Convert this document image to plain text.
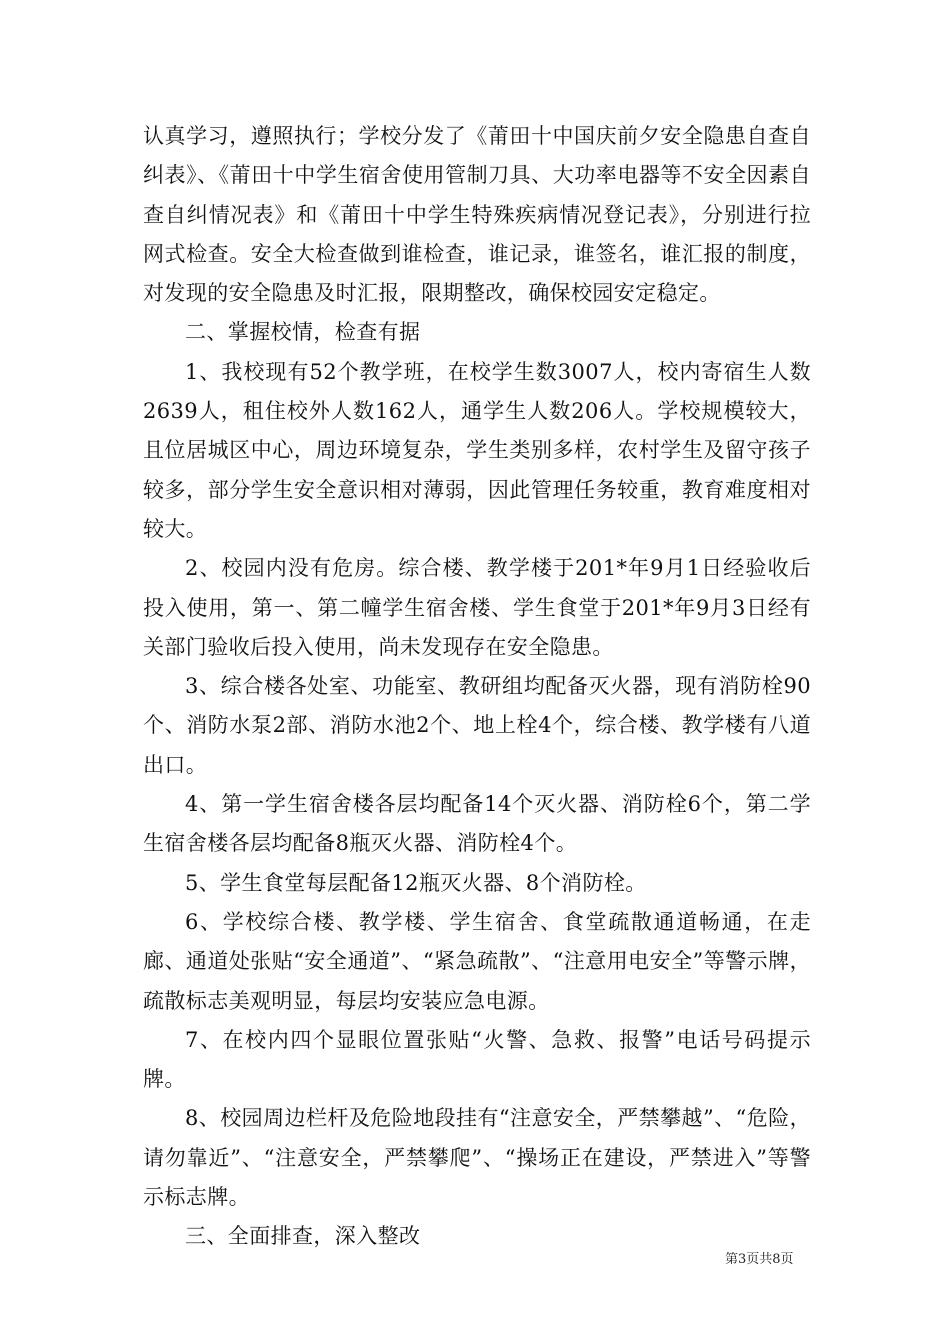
认真学习，遵照执行；学校分发了《莆田十中国庆前夕安全隐患自查自纠表》、《莆田十中学生宿舍使用管制刀具、大功率电器等不安全因素自查自纠情况表》和《莆田十中学生特殊疾病情况登记表》，分别进行拉网式检查。安全大检查做到谁检查，谁记录，谁签名，谁汇报的制度，对发现的安全隐患及时汇报，限期整改，确保校园安定稳定。

二、掌握校情，检查有据

1、我校现有52个教学班，在校学生数3007人，校内寄宿生人数2639人，租住校外人数162人，通学生人数206人。学校规模较大，且位居城区中心，周边环境复杂，学生类别多样，农村学生及留守孩子较多，部分学生安全意识相对薄弱，因此管理任务较重，教育难度相对较大。

2、校园内没有危房。综合楼、教学楼于201*年9月1日经验收后投入使用，第一、第二幢学生宿舍楼、学生食堂于201*年9月3日经有关部门验收后投入使用，尚未发现存在安全隐患。

3、综合楼各处室、功能室、教研组均配备灭火器，现有消防栓90个、消防水泵2部、消防水池2个、地上栓4个，综合楼、教学楼有八道出口。

4、第一学生宿舍楼各层均配备14个灭火器、消防栓6个，第二学生宿舍楼各层均配备8瓶灭火器、消防栓4个。

5、学生食堂每层配备12瓶灭火器、8个消防栓。

6、学校综合楼、教学楼、学生宿舍、食堂疏散通道畅通，在走廊、通道处张贴“安全通道”、“紧急疏散”、“注意用电安全”等警示牌，疏散标志美观明显，每层均安装应急电源。

7、在校内四个显眼位置张贴“火警、急救、报警”电话号码提示牌。

8、校园周边栏杆及危险地段挂有“注意安全，严禁攀越”、“危险，请勿靠近”、“注意安全，严禁攀爬”、“操场正在建设，严禁进入”等警示标志牌。

三、全面排查，深入整改

第3页共8页
